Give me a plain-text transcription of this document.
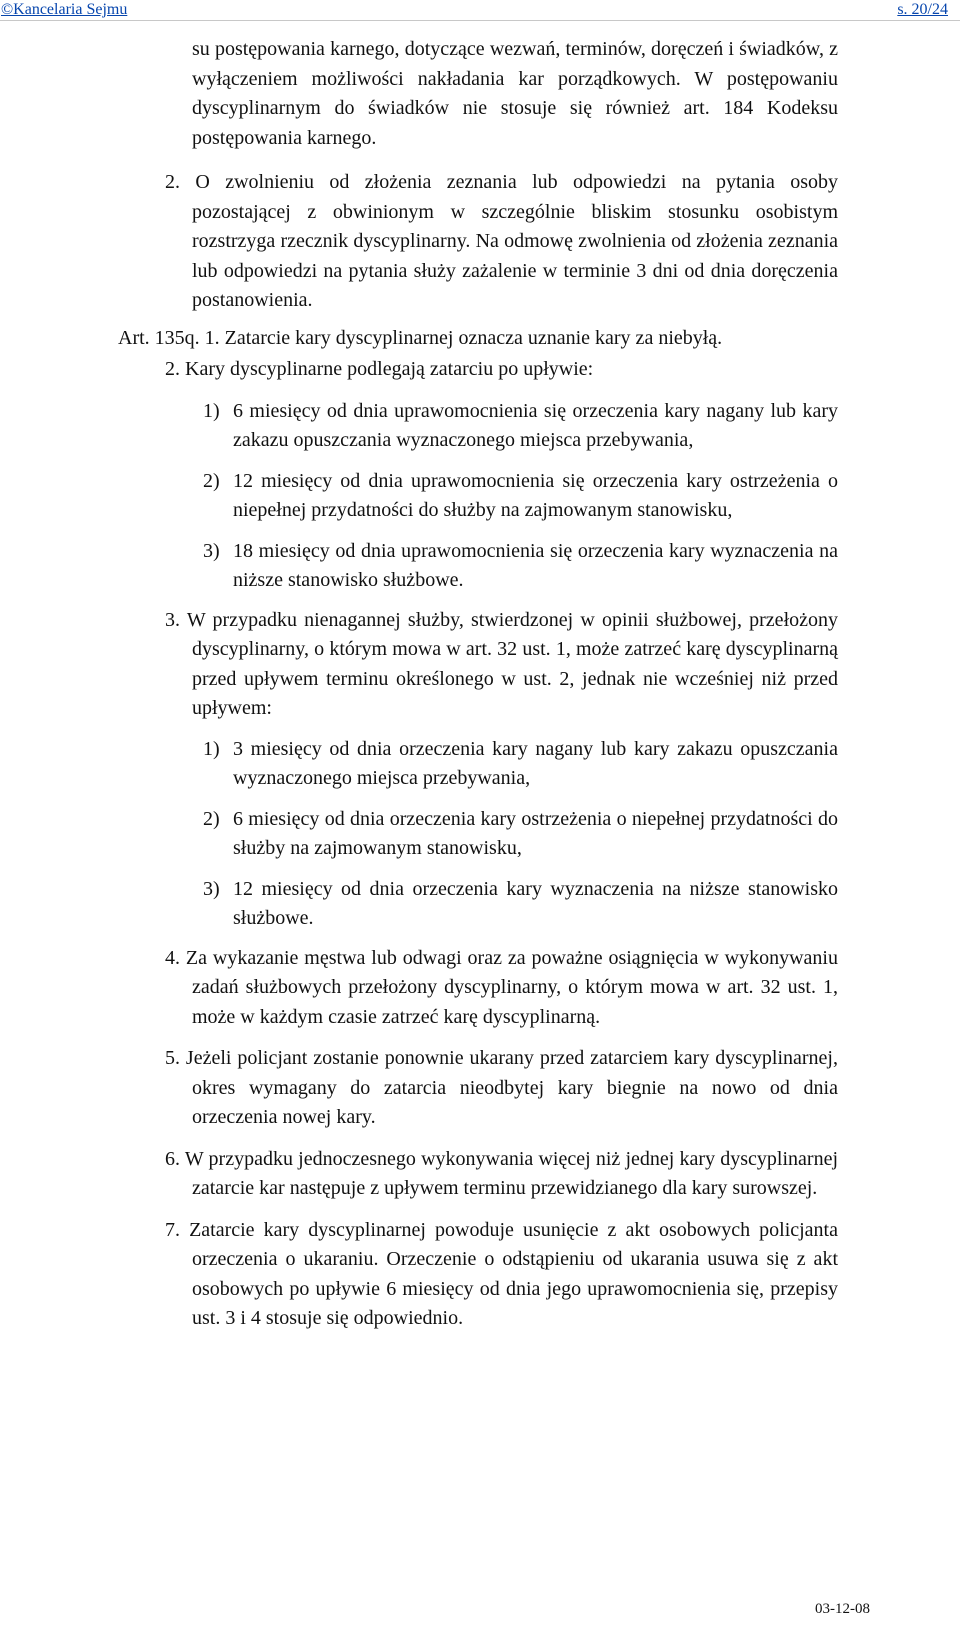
©Kancelaria Sejmu	s. 20/24

su postępowania karnego, dotyczące wezwań, terminów, doręczeń i świadków, z wyłączeniem możliwości nakładania kar porządkowych. W postępowaniu dyscyplinarnym do świadków nie stosuje się również art. 184 Kodeksu postępowania karnego.

2. O zwolnieniu od złożenia zeznania lub odpowiedzi na pytania osoby pozostającej z obwinionym w szczególnie bliskim stosunku osobistym rozstrzyga rzecznik dyscyplinarny. Na odmowę zwolnienia od złożenia zeznania lub odpowiedzi na pytania służy zażalenie w terminie 3 dni od dnia doręczenia postanowienia.

Art. 135q. 1. Zatarcie kary dyscyplinarnej oznacza uznanie kary za niebyłą.

2. Kary dyscyplinarne podlegają zatarciu po upływie:

1) 6 miesięcy od dnia uprawomocnienia się orzeczenia kary nagany lub kary zakazu opuszczania wyznaczonego miejsca przebywania,
2) 12 miesięcy od dnia uprawomocnienia się orzeczenia kary ostrzeżenia o niepełnej przydatności do służby na zajmowanym stanowisku,
3) 18 miesięcy od dnia uprawomocnienia się orzeczenia kary wyznaczenia na niższe stanowisko służbowe.

3. W przypadku nienagannej służby, stwierdzonej w opinii służbowej, przełożony dyscyplinarny, o którym mowa w art. 32 ust. 1, może zatrzeć karę dyscyplinarną przed upływem terminu określonego w ust. 2, jednak nie wcześniej niż przed upływem:

1) 3 miesięcy od dnia orzeczenia kary nagany lub kary zakazu opuszczania wyznaczonego miejsca przebywania,
2) 6 miesięcy od dnia orzeczenia kary ostrzeżenia o niepełnej przydatności do służby na zajmowanym stanowisku,
3) 12 miesięcy od dnia orzeczenia kary wyznaczenia na niższe stanowisko służbowe.

4. Za wykazanie męstwa lub odwagi oraz za poważne osiągnięcia w wykonywaniu zadań służbowych przełożony dyscyplinarny, o którym mowa w art. 32 ust. 1, może w każdym czasie zatrzeć karę dyscyplinarną.

5. Jeżeli policjant zostanie ponownie ukarany przed zatarciem kary dyscyplinarnej, okres wymagany do zatarcia nieodbytej kary biegnie na nowo od dnia orzeczenia nowej kary.

6. W przypadku jednoczesnego wykonywania więcej niż jednej kary dyscyplinarnej zatarcie kar następuje z upływem terminu przewidzianego dla kary surowszej.

7. Zatarcie kary dyscyplinarnej powoduje usunięcie z akt osobowych policjanta orzeczenia o ukaraniu. Orzeczenie o odstąpieniu od ukarania usuwa się z akt osobowych po upływie 6 miesięcy od dnia jego uprawomocnienia się, przepisy ust. 3 i 4 stosuje się odpowiednio.

03-12-08
